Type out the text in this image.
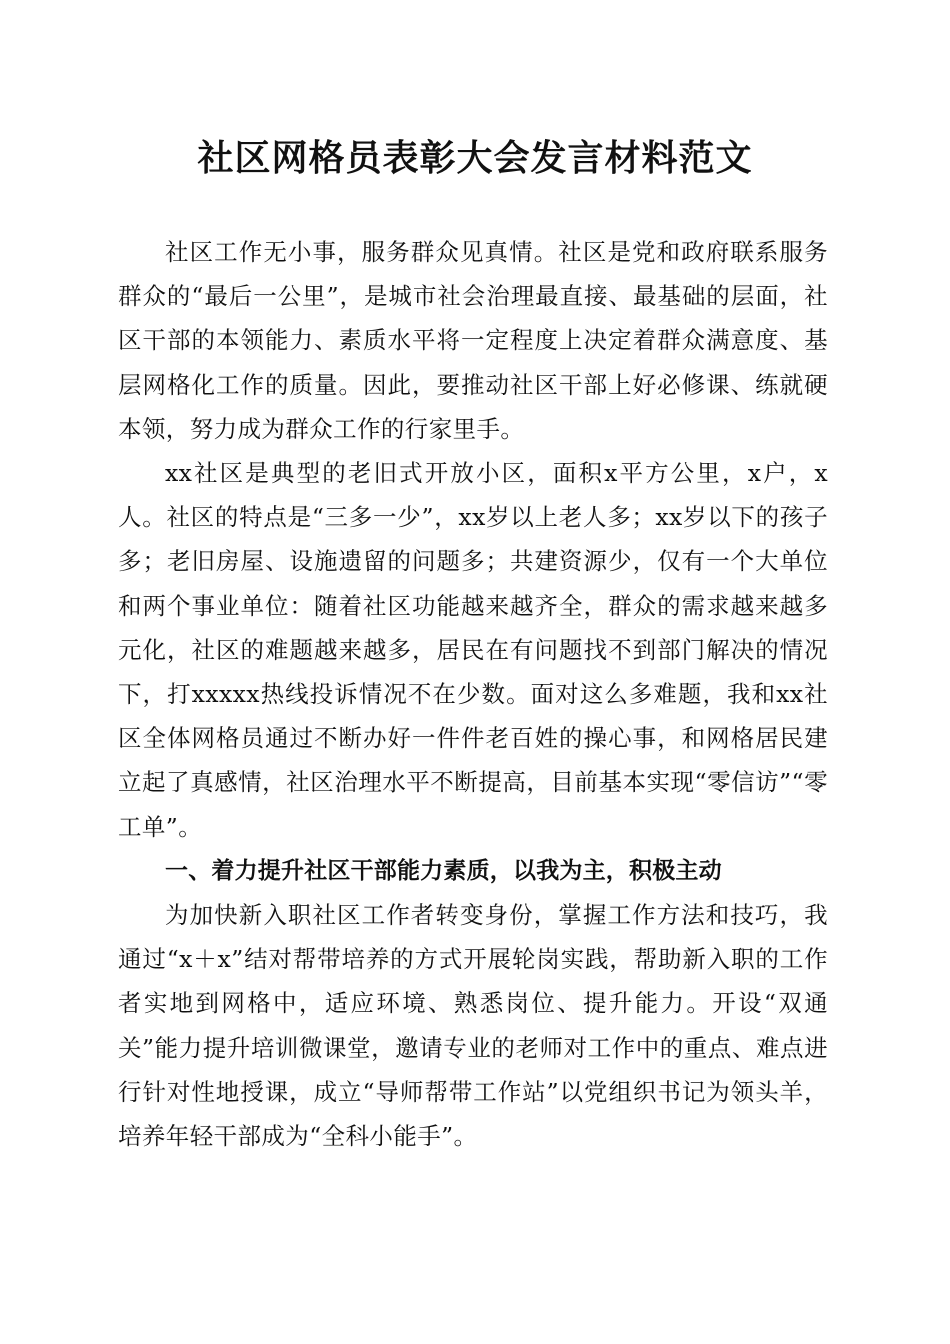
社区网格员表彰大会发言材料范文

社区工作无小事，服务群众见真情。社区是党和政府联系服务群众的“最后一公里”，是城市社会治理最直接、最基础的层面，社区干部的本领能力、素质水平将一定程度上决定着群众满意度、基层网格化工作的质量。因此，要推动社区干部上好必修课、练就硬本领，努力成为群众工作的行家里手。

xx社区是典型的老旧式开放小区，面积x平方公里，x户，x人。社区的特点是“三多一少”，xx岁以上老人多；xx岁以下的孩子多；老旧房屋、设施遗留的问题多；共建资源少，仅有一个大单位和两个事业单位：随着社区功能越来越齐全，群众的需求越来越多元化，社区的难题越来越多，居民在有问题找不到部门解决的情况下，打xxxxx热线投诉情况不在少数。面对这么多难题，我和xx社区全体网格员通过不断办好一件件老百姓的操心事，和网格居民建立起了真感情，社区治理水平不断提高，目前基本实现“零信访”“零工单”。

一、着力提升社区干部能力素质，以我为主，积极主动

为加快新入职社区工作者转变身份，掌握工作方法和技巧，我通过“x＋x”结对帮带培养的方式开展轮岗实践，帮助新入职的工作者实地到网格中，适应环境、熟悉岗位、提升能力。开设“双通关”能力提升培训微课堂，邀请专业的老师对工作中的重点、难点进行针对性地授课，成立“导师帮带工作站”以党组织书记为领头羊，培养年轻干部成为“全科小能手”。
